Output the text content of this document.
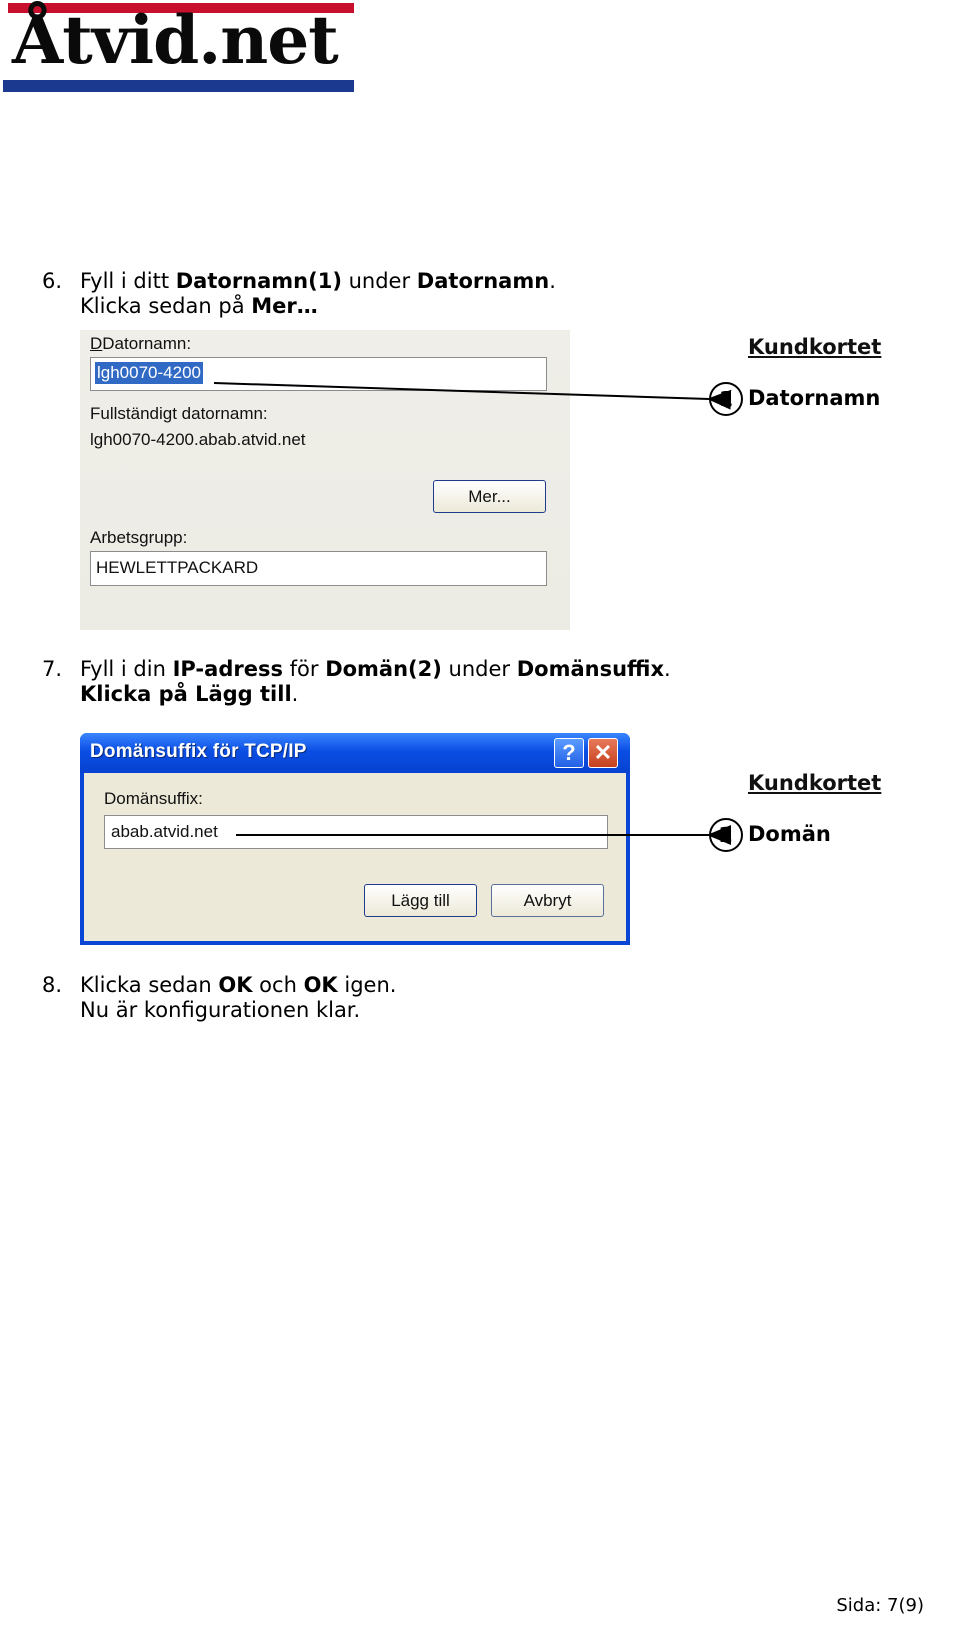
Åtvid.net
6. Fyll i ditt Datornamn(1) under Datornamn.
Klicka sedan på Mer…
DDatornamn:
lgh0070-4200
Fullständigt datornamn:
lgh0070-4200.abab.atvid.net
Mer...
Arbetsgrupp:
HEWLETTPACKARD
Kundkortet
1 Datornamn
7. Fyll i din IP-adress för Domän(2) under Domänsuffix.
Klicka på Lägg till.
Domänsuffix för TCP/IP	? ✕
Domänsuffix:
abab.atvid.net
Lägg till	Avbryt
Kundkortet
2 Domän
8. Klicka sedan OK och OK igen.
Nu är konfigurationen klar.
Sida: 7(9)
